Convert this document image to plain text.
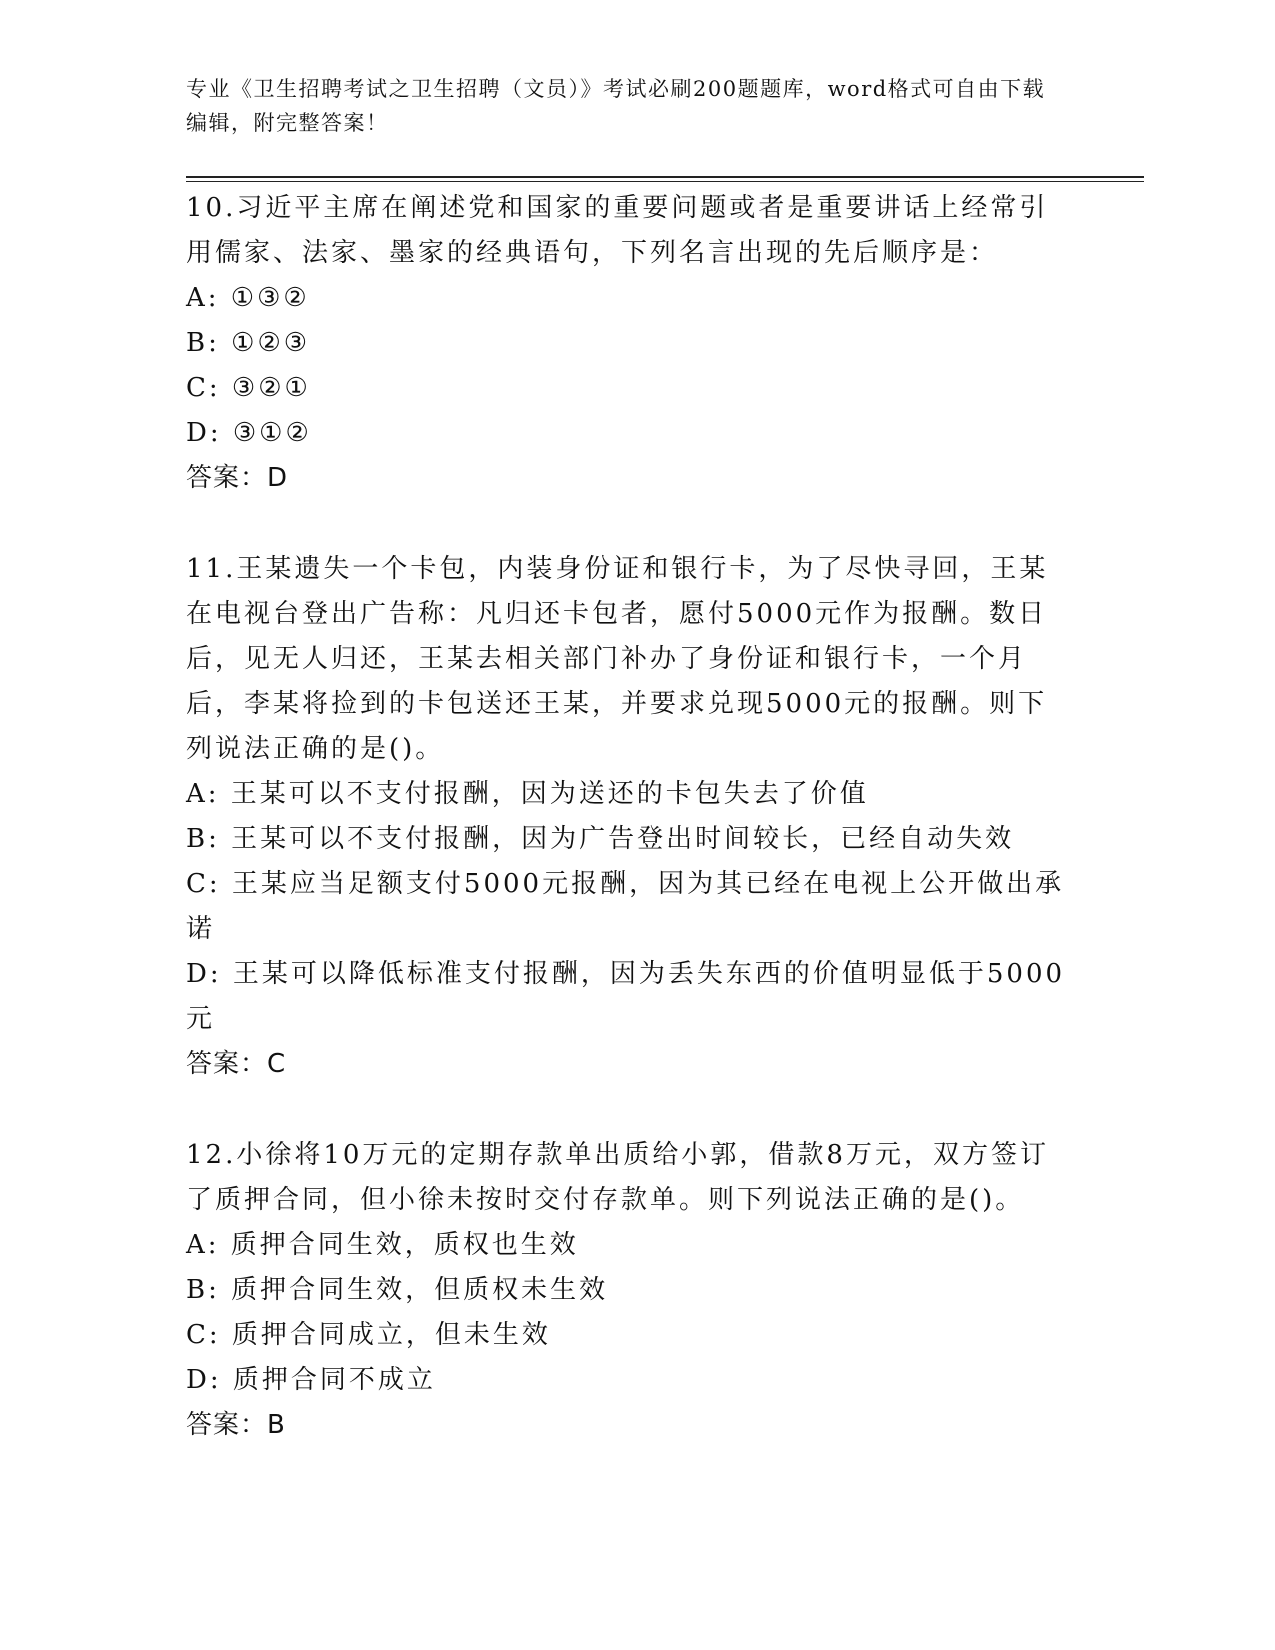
专业《卫生招聘考试之卫生招聘（文员）》考试必刷200题题库，word格式可自由下载编辑，附完整答案！
10.习近平主席在阐述党和国家的重要问题或者是重要讲话上经常引用儒家、法家、墨家的经典语句，下列名言出现的先后顺序是：
A: ①③②
B: ①②③
C: ③②①
D: ③①②
答案：D
11.王某遗失一个卡包，内装身份证和银行卡，为了尽快寻回，王某在电视台登出广告称：凡归还卡包者，愿付5000元作为报酬。数日后，见无人归还，王某去相关部门补办了身份证和银行卡，一个月后，李某将捡到的卡包送还王某，并要求兑现5000元的报酬。则下列说法正确的是()。
A: 王某可以不支付报酬，因为送还的卡包失去了价值
B: 王某可以不支付报酬，因为广告登出时间较长，已经自动失效
C: 王某应当足额支付5000元报酬，因为其已经在电视上公开做出承诺
D: 王某可以降低标准支付报酬，因为丢失东西的价值明显低于5000元
答案：C
12.小徐将10万元的定期存款单出质给小郭，借款8万元，双方签订了质押合同，但小徐未按时交付存款单。则下列说法正确的是()。
A: 质押合同生效，质权也生效
B: 质押合同生效，但质权未生效
C: 质押合同成立，但未生效
D: 质押合同不成立
答案：B
